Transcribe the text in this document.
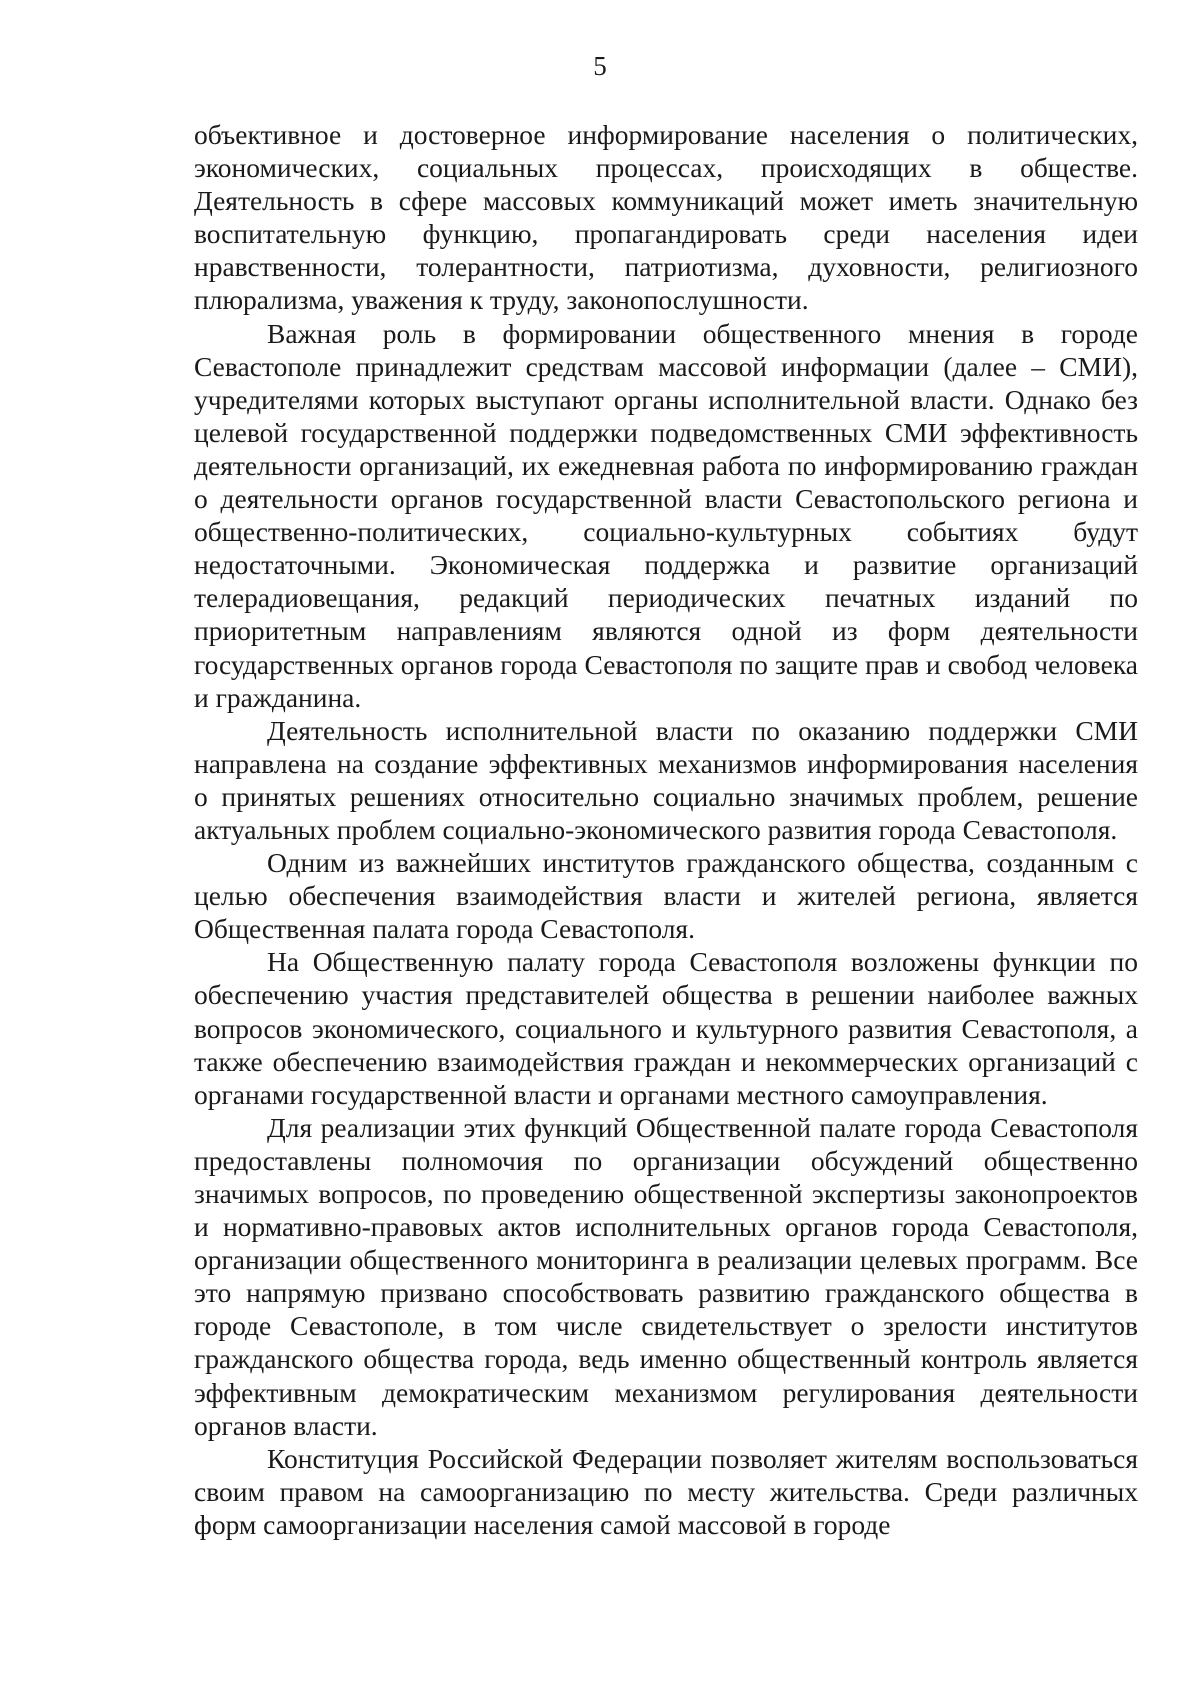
5

объективное и достоверное информирование населения о политических, экономических, социальных процессах, происходящих в обществе. Деятельность в сфере массовых коммуникаций может иметь значительную воспитательную функцию, пропагандировать среди населения идеи нравственности, толерантности, патриотизма, духовности, религиозного плюрализма, уважения к труду, законопослушности.

Важная роль в формировании общественного мнения в городе Севастополе принадлежит средствам массовой информации (далее – СМИ), учредителями которых выступают органы исполнительной власти. Однако без целевой государственной поддержки подведомственных СМИ эффективность деятельности организаций, их ежедневная работа по информированию граждан о деятельности органов государственной власти Севастопольского региона и общественно-политических, социально-культурных событиях будут недостаточными. Экономическая поддержка и развитие организаций телерадиовещания, редакций периодических печатных изданий по приоритетным направлениям являются одной из форм деятельности государственных органов города Севастополя по защите прав и свобод человека и гражданина.

Деятельность исполнительной власти по оказанию поддержки СМИ направлена на создание эффективных механизмов информирования населения о принятых решениях относительно социально значимых проблем, решение актуальных проблем социально-экономического развития города Севастополя.

Одним из важнейших институтов гражданского общества, созданным с целью обеспечения взаимодействия власти и жителей региона, является Общественная палата города Севастополя.

На Общественную палату города Севастополя возложены функции по обеспечению участия представителей общества в решении наиболее важных вопросов экономического, социального и культурного развития Севастополя, а также обеспечению взаимодействия граждан и некоммерческих организаций с органами государственной власти и органами местного самоуправления.

Для реализации этих функций Общественной палате города Севастополя предоставлены полномочия по организации обсуждений общественно значимых вопросов, по проведению общественной экспертизы законопроектов и нормативно-правовых актов исполнительных органов города Севастополя, организации общественного мониторинга в реализации целевых программ. Все это напрямую призвано способствовать развитию гражданского общества в городе Севастополе, в том числе свидетельствует о зрелости институтов гражданского общества города, ведь именно общественный контроль является эффективным демократическим механизмом регулирования деятельности органов власти.

Конституция Российской Федерации позволяет жителям воспользоваться своим правом на самоорганизацию по месту жительства. Среди различных форм самоорганизации населения самой массовой в городе
